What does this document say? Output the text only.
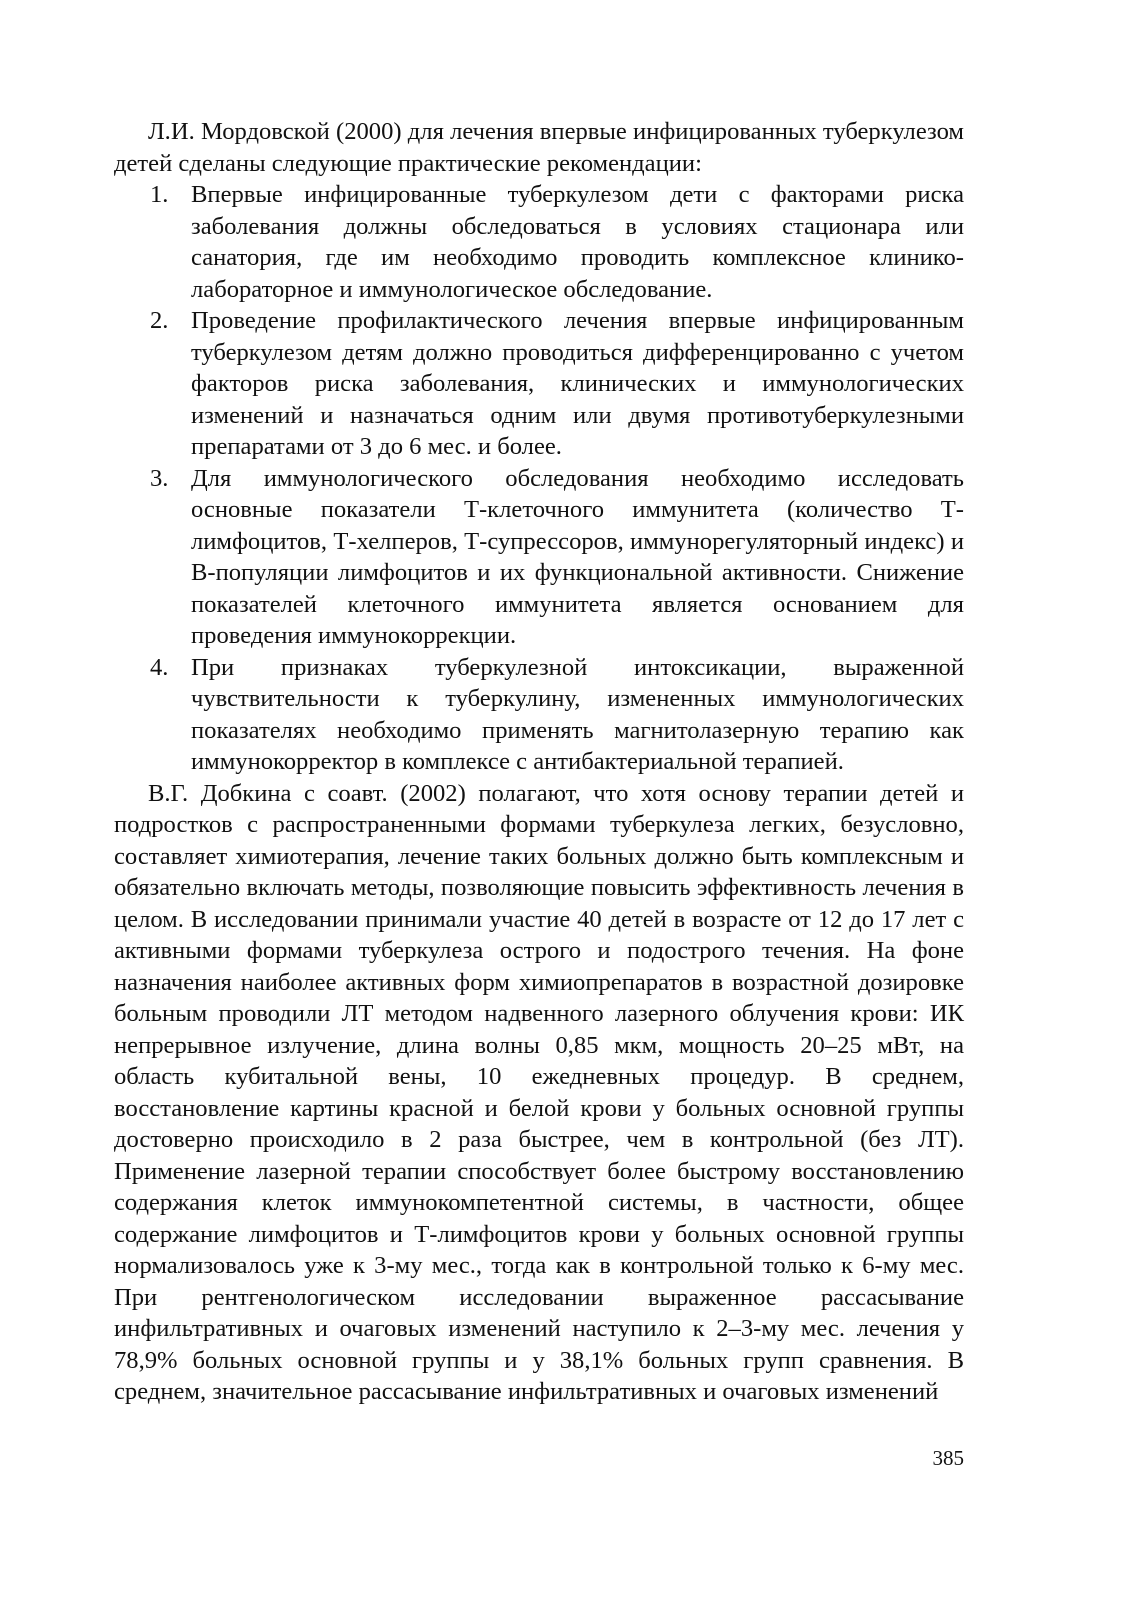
Л.И. Мордовской (2000) для лечения впервые инфицированных туберкулезом детей сделаны следующие практические рекомендации:

1. Впервые инфицированные туберкулезом дети с факторами риска заболевания должны обследоваться в условиях стационара или санатория, где им необходимо проводить комплексное клинико-лабораторное и иммунологическое обследование.
2. Проведение профилактического лечения впервые инфицированным туберкулезом детям должно проводиться дифференцированно с учетом факторов риска заболевания, клинических и иммунологических изменений и назначаться одним или двумя противотуберкулезными препаратами от 3 до 6 мес. и более.
3. Для иммунологического обследования необходимо исследовать основные показатели Т-клеточного иммунитета (количество Т-лимфоцитов, Т-хелперов, Т-супрессоров, иммунорегуляторный индекс) и В-популяции лимфоцитов и их функциональной активности. Снижение показателей клеточного иммунитета является основанием для проведения иммунокоррекции.
4. При признаках туберкулезной интоксикации, выраженной чувствительности к туберкулину, измененных иммунологических показателях необходимо применять магнитолазерную терапию как иммунокорректор в комплексе с антибактериальной терапией.

В.Г. Добкина с соавт. (2002) полагают, что хотя основу терапии детей и подростков с распространенными формами туберкулеза легких, безусловно, составляет химиотерапия, лечение таких больных должно быть комплексным и обязательно включать методы, позволяющие повысить эффективность лечения в целом. В исследовании принимали участие 40 детей в возрасте от 12 до 17 лет с активными формами туберкулеза острого и подострого течения. На фоне назначения наиболее активных форм химиопрепаратов в возрастной дозировке больным проводили ЛТ методом надвенного лазерного облучения крови: ИК непрерывное излучение, длина волны 0,85 мкм, мощность 20–25 мВт, на область кубитальной вены, 10 ежедневных процедур. В среднем, восстановление картины красной и белой крови у больных основной группы достоверно происходило в 2 раза быстрее, чем в контрольной (без ЛТ). Применение лазерной терапии способствует более быстрому восстановлению содержания клеток иммунокомпетентной системы, в частности, общее содержание лимфоцитов и Т-лимфоцитов крови у больных основной группы нормализовалось уже к 3-му мес., тогда как в контрольной только к 6-му мес. При рентгенологическом исследовании выраженное рассасывание инфильтративных и очаговых изменений наступило к 2–3-му мес. лечения у 78,9% больных основной группы и у 38,1% больных групп сравнения. В среднем, значительное рассасывание инфильтративных и очаговых изменений

385
